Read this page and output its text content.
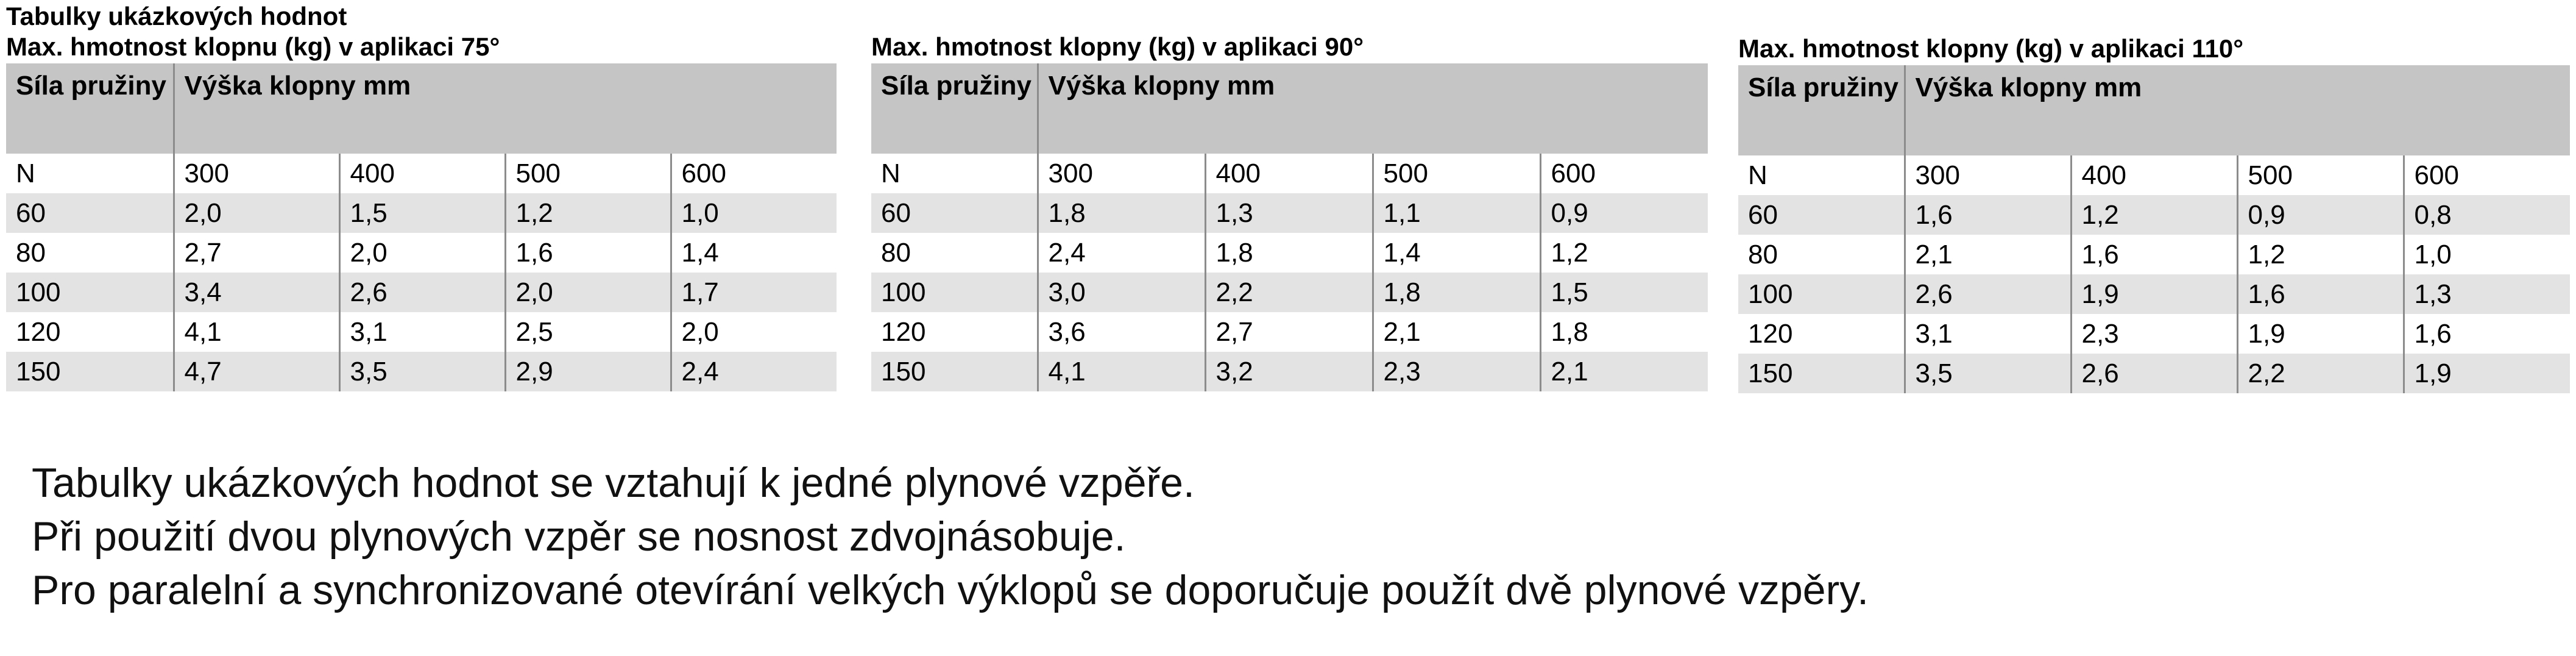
Tabulky ukázkových hodnot
Max. hmotnost klopnu (kg) v aplikaci 75°
Síla pružiny	Výška klopny mm			
N	300	400	500	600
60	2,0	1,5	1,2	1,0
80	2,7	2,0	1,6	1,4
100	3,4	2,6	2,0	1,7
120	4,1	3,1	2,5	2,0
150	4,7	3,5	2,9	2,4
Max. hmotnost klopny (kg) v aplikaci 90°
Síla pružiny	Výška klopny mm			
N	300	400	500	600
60	1,8	1,3	1,1	0,9
80	2,4	1,8	1,4	1,2
100	3,0	2,2	1,8	1,5
120	3,6	2,7	2,1	1,8
150	4,1	3,2	2,3	2,1
Max. hmotnost klopny (kg) v aplikaci 110°
Síla pružiny	Výška klopny mm			
N	300	400	500	600
60	1,6	1,2	0,9	0,8
80	2,1	1,6	1,2	1,0
100	2,6	1,9	1,6	1,3
120	3,1	2,3	1,9	1,6
150	3,5	2,6	2,2	1,9
Tabulky ukázkových hodnot se vztahují k jedné plynové vzpěře.
Při použití dvou plynových vzpěr se nosnost zdvojnásobuje.
Pro paralelní a synchronizované otevírání velkých výklopů se doporučuje použít dvě plynové vzpěry.
